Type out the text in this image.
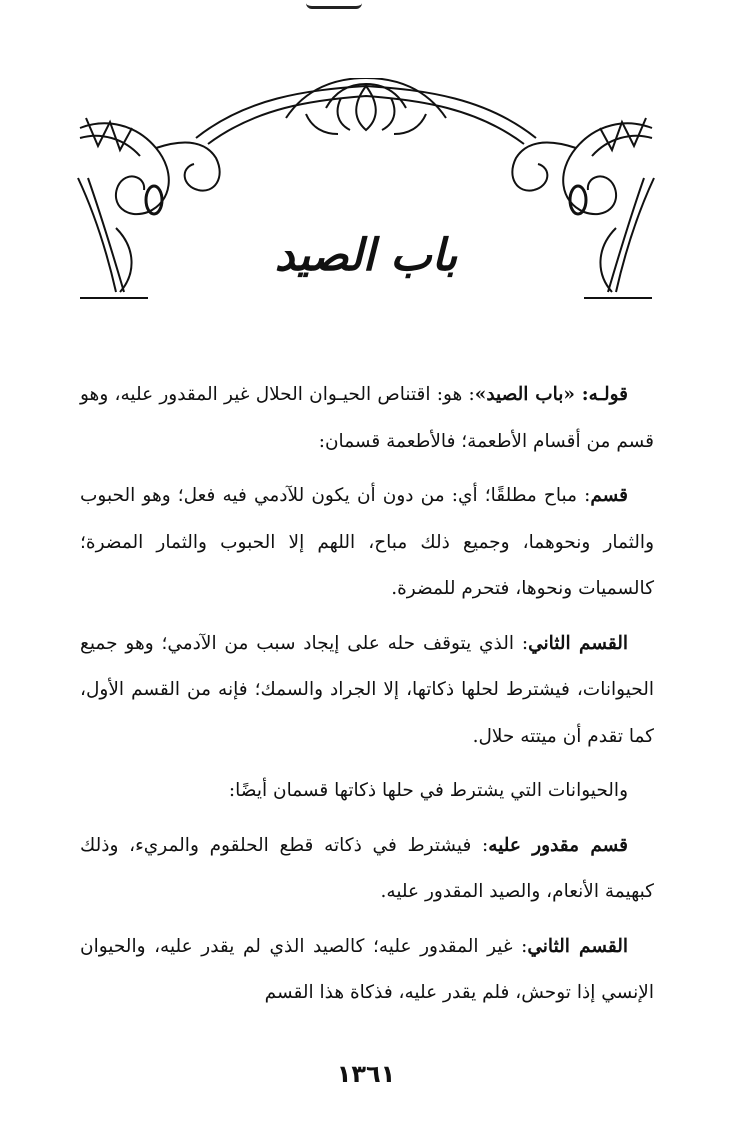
باب الصيد

قولـه: «باب الصيد»: هو: اقتناص الحيـوان الحلال غير المقدور عليه، وهو قسم من أقسام الأطعمة؛ فالأطعمة قسمان:

قسم: مباح مطلقًا؛ أي: من دون أن يكون للآدمي فيه فعل؛ وهو الحبوب والثمار ونحوهما، وجميع ذلك مباح، اللهم إلا الحبوب والثمار المضرة؛ كالسميات ونحوها، فتحرم للمضرة.

القسم الثاني: الذي يتوقف حله على إيجاد سبب من الآدمي؛ وهو جميع الحيوانات، فيشترط لحلها ذكاتها، إلا الجراد والسمك؛ فإنه من القسم الأول، كما تقدم أن ميتته حلال.

والحيوانات التي يشترط في حلها ذكاتها قسمان أيضًا:

قسم مقدور عليه: فيشترط في ذكاته قطع الحلقوم والمريء، وذلك كبهيمة الأنعام، والصيد المقدور عليه.

القسم الثاني: غير المقدور عليه؛ كالصيد الذي لم يقدر عليه، والحيوان الإنسي إذا توحش، فلم يقدر عليه، فذكاة هذا القسم

١٣٦١
